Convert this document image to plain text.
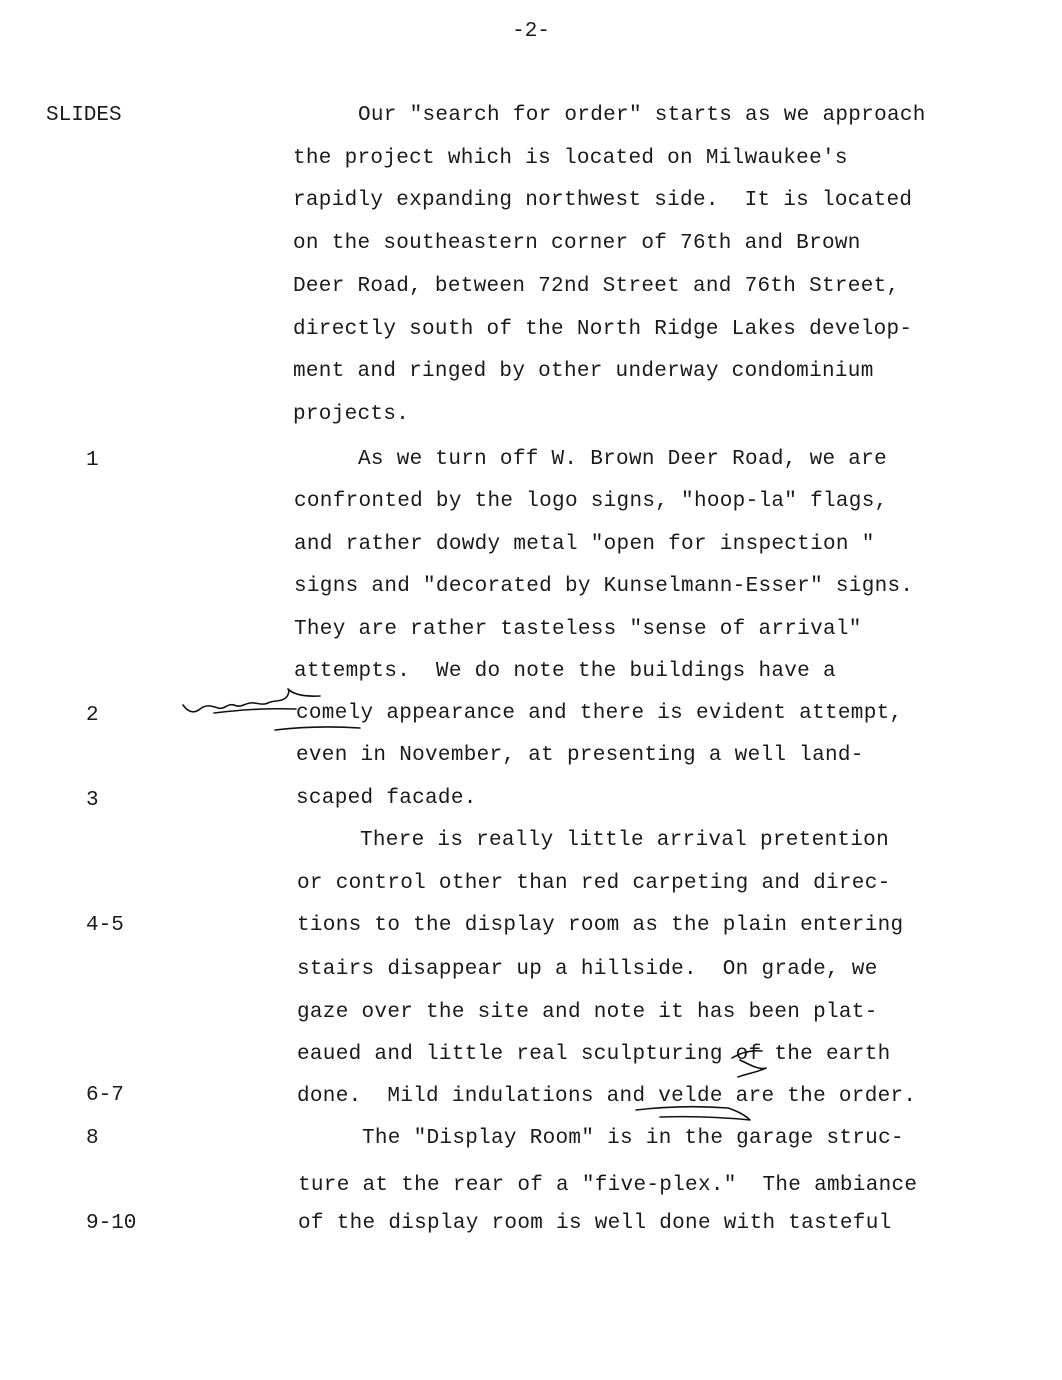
-2-
SLIDES
1
2
3
4-5
6-7
8
9-10
Our "search for order" starts as we approach
the project which is located on Milwaukee's
rapidly expanding northwest side.  It is located
on the southeastern corner of 76th and Brown
Deer Road, between 72nd Street and 76th Street,
directly south of the North Ridge Lakes develop-
ment and ringed by other underway condominium
projects.
As we turn off W. Brown Deer Road, we are
confronted by the logo signs, "hoop-la" flags,
and rather dowdy metal "open for inspection "
signs and "decorated by Kunselmann-Esser" signs.
They are rather tasteless "sense of arrival"
attempts.  We do note the buildings have a
comely appearance and there is evident attempt,
even in November, at presenting a well land-
scaped facade.
There is really little arrival pretention
or control other than red carpeting and direc-
tions to the display room as the plain entering
stairs disappear up a hillside.  On grade, we
gaze over the site and note it has been plat-
eaued and little real sculpturing of the earth
done.  Mild indulations and velde are the order.
The "Display Room" is in the garage struc-
ture at the rear of a "five-plex."  The ambiance
of the display room is well done with tasteful
